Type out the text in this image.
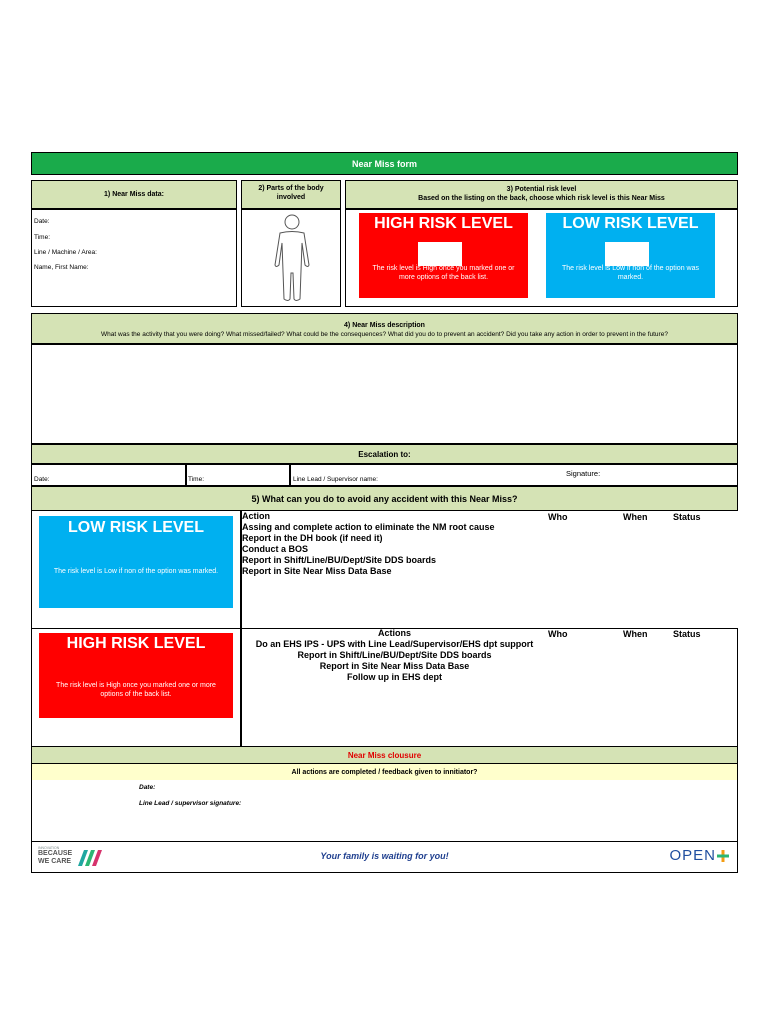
Near Miss form
1) Near Miss data:
Date:
Time:
Line / Machine / Area:
Name, First Name:
2) Parts of the body
involved
3) Potential risk level
Based on the listing on the back, choose which risk level is this Near Miss
HIGH RISK LEVEL
The risk level is High once you marked one or more options of the back list.
LOW RISK LEVEL
The risk level is Low if non of the option was marked.
4) Near Miss description
What was the activity that you were doing? What missed/failed? What could be the consequences? What did you do to prevent an accident? Did you take any action in order to prevent in the future?
Escalation to:
Date:	Time:	Line Lead / Supervisor name:
Signature:
5) What can you do to avoid any accident with this Near Miss?
LOW RISK LEVEL
The risk level is Low if non of the option was marked.
Action
Assing and complete action to eliminate the NM root cause
Report in the DH book (if need it)
Conduct a BOS
Report in Shift/Line/BU/Dept/Site DDS boards
Report in Site Near Miss Data Base
Who	When	Status
HIGH RISK LEVEL
The risk level is High once you marked one or more options of the back list.
Actions
Do an EHS IPS - UPS with Line Lead/Supervisor/EHS dpt support
Report in Shift/Line/BU/Dept/Site DDS boards
Report in Site Near Miss Data Base
Follow up in EHS dept
Who	When	Status
Near Miss clousure
All actions are completed / feedback given to innitiator?
Date:
Line Lead / supervisor signature:
INNOVATION
BECAUSE
WE CARE
Your family is waiting for you!	OPEN
